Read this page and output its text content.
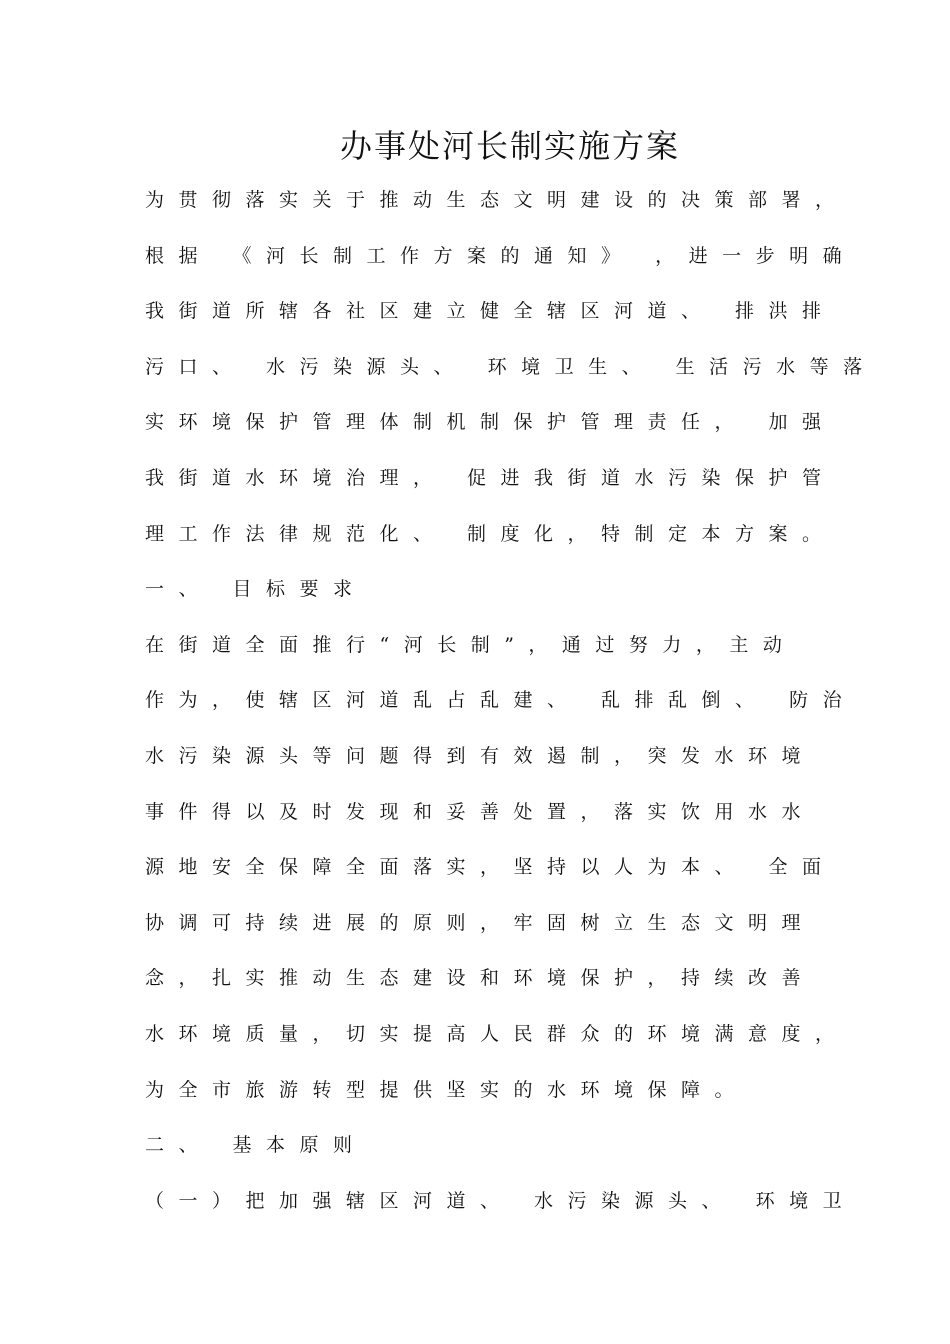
办事处河长制实施方案

为贯彻落实关于推动生态文明建设的决策部署，

根据 《河长制工作方案的通知》 ，进一步明确

我街道所辖各社区建立健全辖区河道、 排洪排

污口、 水污染源头、 环境卫生、 生活污水等落

实环境保护管理体制机制保护管理责任， 加强

我街道水环境治理， 促进我街道水污染保护管

理工作法律规范化、 制度化，特制定本方案。

一、 目标要求

在街道全面推行“河长制”，通过努力，主动

作为，使辖区河道乱占乱建、 乱排乱倒、 防治

水污染源头等问题得到有效遏制，突发水环境

事件得以及时发现和妥善处置，落实饮用水水

源地安全保障全面落实，坚持以人为本、 全面

协调可持续进展的原则，牢固树立生态文明理

念，扎实推动生态建设和环境保护，持续改善

水环境质量，切实提高人民群众的环境满意度，

为全市旅游转型提供坚实的水环境保障。

二、 基本原则

（一）把加强辖区河道、 水污染源头、 环境卫
